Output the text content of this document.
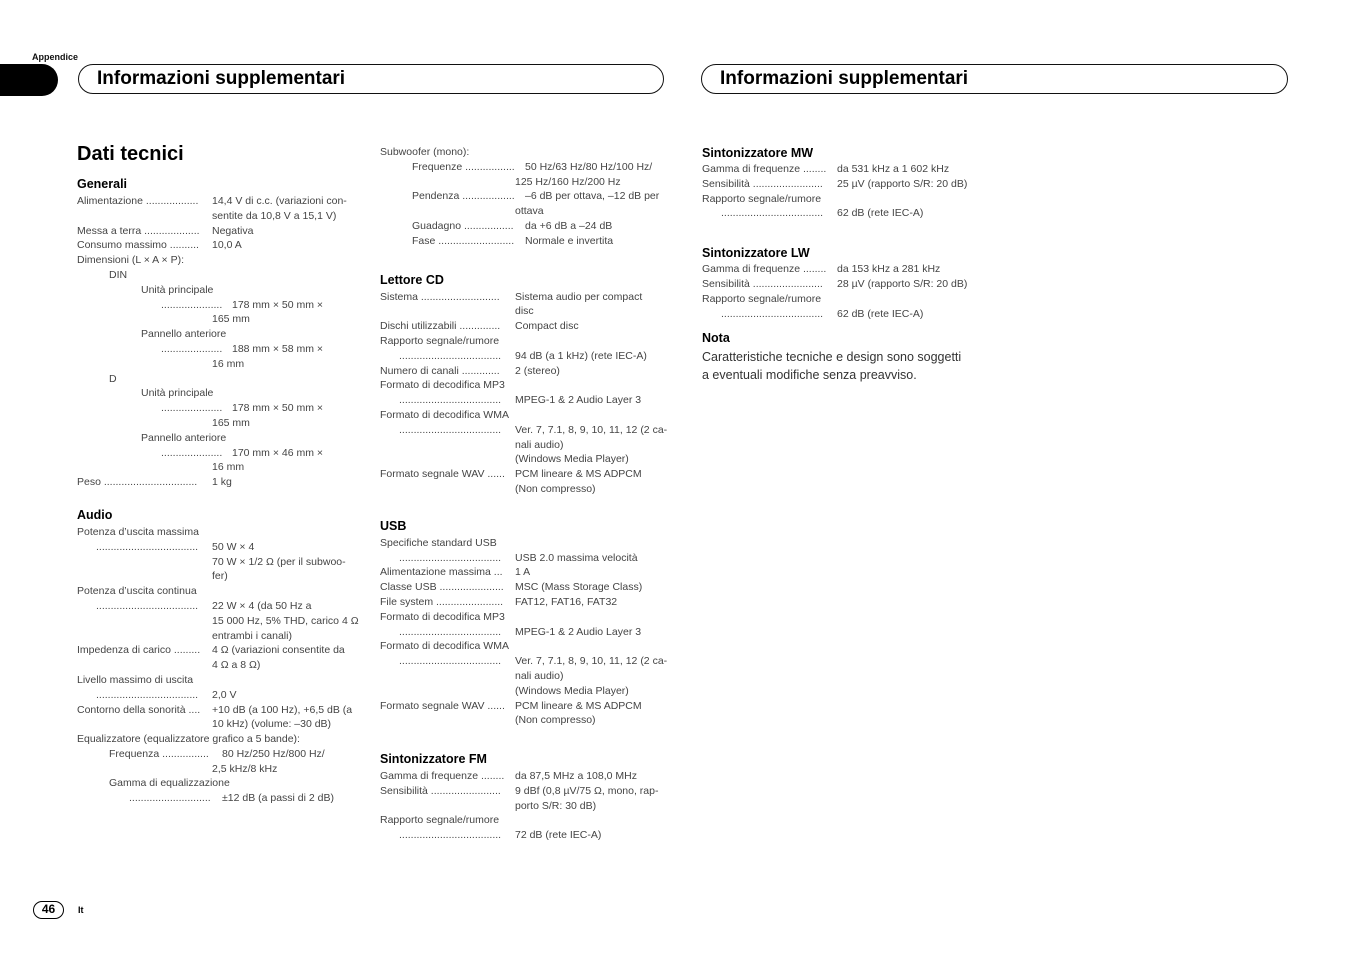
Appendice
Informazioni supplementari	Informazioni supplementari
Dati tecnici
Generali
Alimentazione .................. 14,4 V di c.c. (variazioni con-
sentite da 10,8 V a 15,1 V)
Messa a terra ................... Negativa
Consumo massimo .......... 10,0 A
Dimensioni (L × A × P):
DIN
Unità principale
..................... 178 mm × 50 mm ×
165 mm
Pannello anteriore
..................... 188 mm × 58 mm ×
16 mm
D
Unità principale
..................... 178 mm × 50 mm ×
165 mm
Pannello anteriore
..................... 170 mm × 46 mm ×
16 mm
Peso ................................ 1 kg
Audio
Potenza d’uscita massima
................................... 50 W × 4
70 W × 1/2 Ω (per il subwoo-
fer)
Potenza d’uscita continua
................................... 22 W × 4 (da 50 Hz a
15 000 Hz, 5% THD, carico 4 Ω
entrambi i canali)
Impedenza di carico ......... 4 Ω (variazioni consentite da
4 Ω a 8 Ω)
Livello massimo di uscita
................................... 2,0 V
Contorno della sonorità .... +10 dB (a 100 Hz), +6,5 dB (a
10 kHz) (volume: –30 dB)
Equalizzatore (equalizzatore grafico a 5 bande):
Frequenza ................ 80 Hz/250 Hz/800 Hz/
2,5 kHz/8 kHz
Gamma di equalizzazione
............................ ±12 dB (a passi di 2 dB)
Subwoofer (mono):
Frequenze ................. 50 Hz/63 Hz/80 Hz/100 Hz/
125 Hz/160 Hz/200 Hz
Pendenza .................. –6 dB per ottava, –12 dB per
ottava
Guadagno ................. da +6 dB a –24 dB
Fase .......................... Normale e invertita
Lettore CD
Sistema ........................... Sistema audio per compact
disc
Dischi utilizzabili .............. Compact disc
Rapporto segnale/rumore
................................... 94 dB (a 1 kHz) (rete IEC-A)
Numero di canali ............. 2 (stereo)
Formato di decodifica MP3
................................... MPEG-1 & 2 Audio Layer 3
Formato di decodifica WMA
................................... Ver. 7, 7.1, 8, 9, 10, 11, 12 (2 ca-
nali audio)
(Windows Media Player)
Formato segnale WAV ...... PCM lineare & MS ADPCM
(Non compresso)
USB
Specifiche standard USB
................................... USB 2.0 massima velocità
Alimentazione massima ... 1 A
Classe USB ...................... MSC (Mass Storage Class)
File system ....................... FAT12, FAT16, FAT32
Formato di decodifica MP3
................................... MPEG-1 & 2 Audio Layer 3
Formato di decodifica WMA
................................... Ver. 7, 7.1, 8, 9, 10, 11, 12 (2 ca-
nali audio)
(Windows Media Player)
Formato segnale WAV ...... PCM lineare & MS ADPCM
(Non compresso)
Sintonizzatore FM
Gamma di frequenze ........ da 87,5 MHz a 108,0 MHz
Sensibilità ........................ 9 dBf (0,8 µV/75 Ω, mono, rap-
porto S/R: 30 dB)
Rapporto segnale/rumore
................................... 72 dB (rete IEC-A)
Sintonizzatore MW
Gamma di frequenze ........ da 531 kHz a 1 602 kHz
Sensibilità ........................ 25 µV (rapporto S/R: 20 dB)
Rapporto segnale/rumore
................................... 62 dB (rete IEC-A)
Sintonizzatore LW
Gamma di frequenze ........ da 153 kHz a 281 kHz
Sensibilità ........................ 28 µV (rapporto S/R: 20 dB)
Rapporto segnale/rumore
................................... 62 dB (rete IEC-A)
Nota
Caratteristiche tecniche e design sono soggetti
a eventuali modifiche senza preavviso.
46	It
